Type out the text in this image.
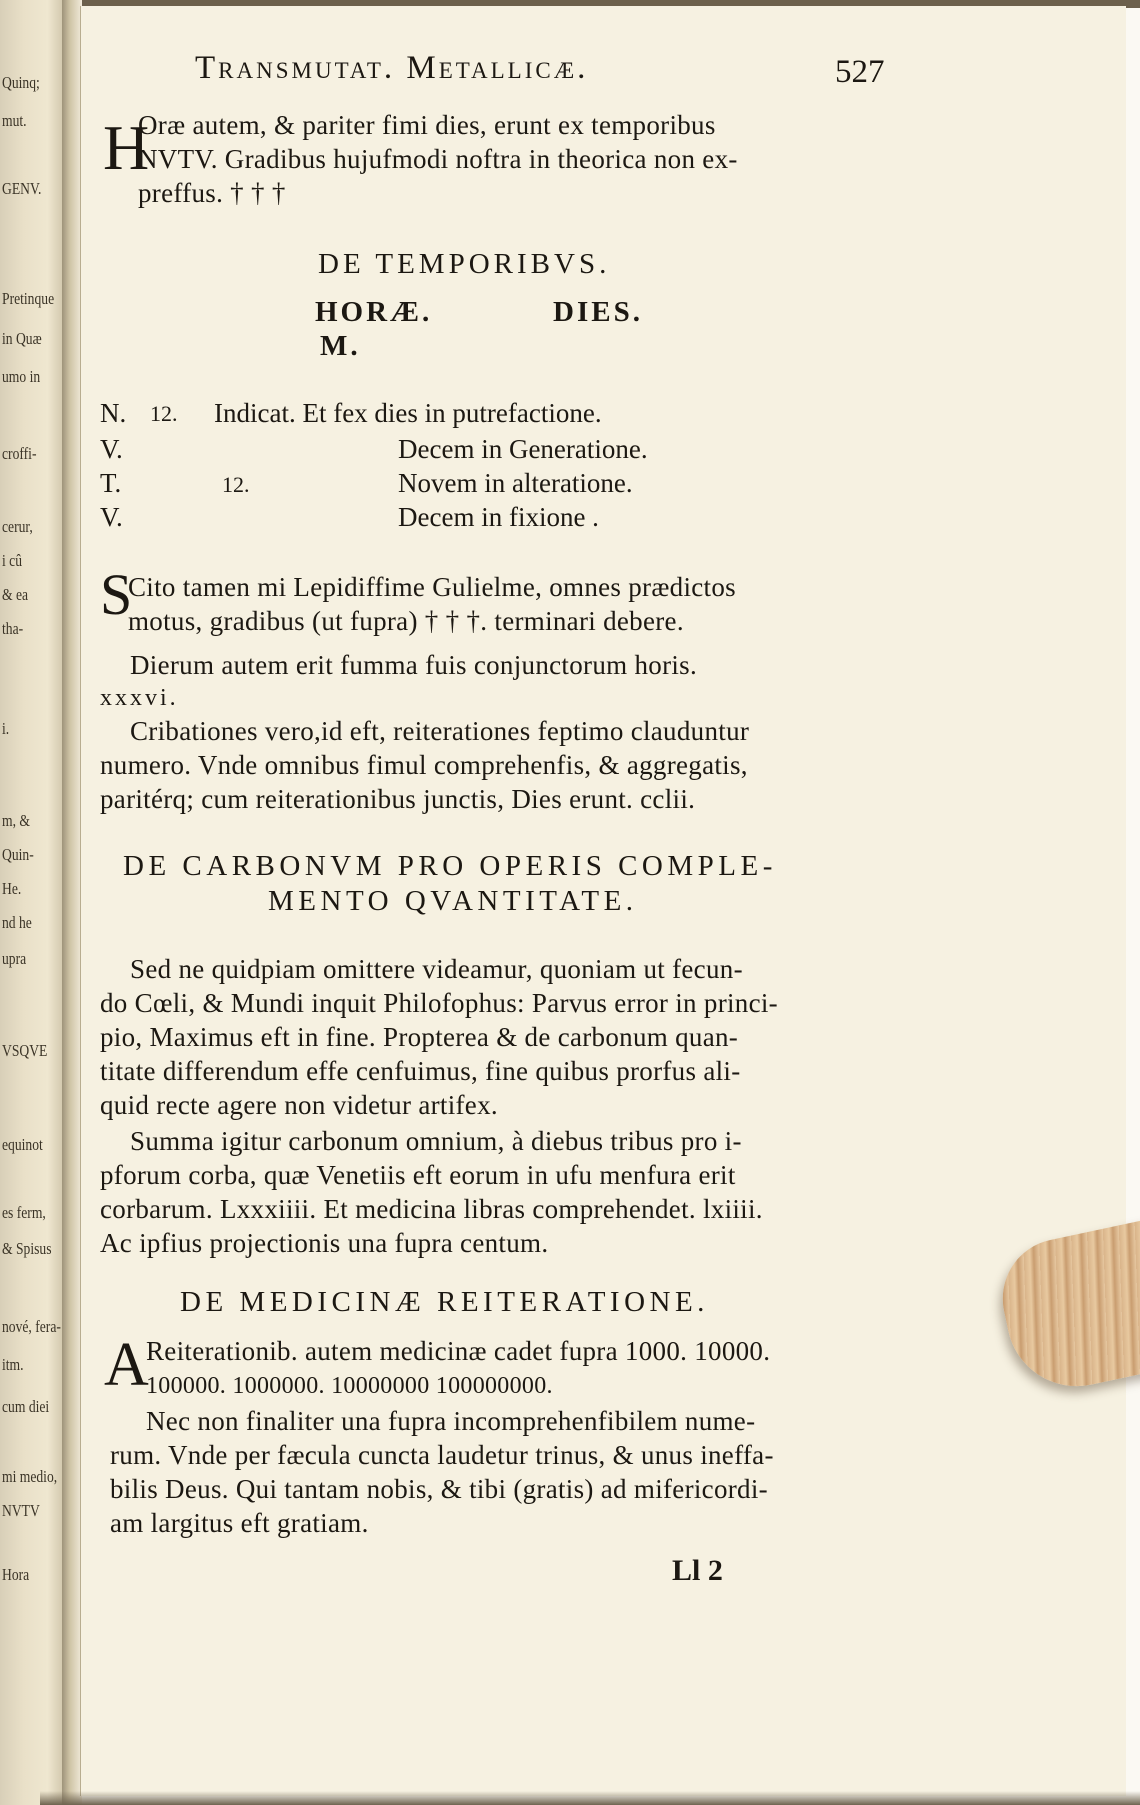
Quinq;
mut.
GENV.
Pretinque
in Quæ
umo in
croffi-
cerur,
i cû
& ea
tha-
i.
m, &
Quin-
He.
nd he
upra
VSQVE
equinot
es ferm,
& Spisus
nové, fera-
itm.
cum diei
mi medio,
NVTV
Hora
Transmutat. Metallicæ.	527
H
Oræ autem, & pariter fimi dies, erunt ex temporibus
NVTV. Gradibus hujufmodi noftra in theorica non ex-
preffus. † † †
DE TEMPORIBVS.
HORÆ.	DIES.
M.
N. 12. Indicat. Et fex dies in putrefactione.
V.	Decem in Generatione.
T.	12.	Novem in alteratione.
V.	Decem in fixione .
S
Cito tamen mi Lepidiffime Gulielme, omnes prædictos
motus, gradibus (ut fupra) † † †. terminari debere.
Dierum autem erit fumma fuis conjunctorum horis.
xxxvi.
Cribationes vero,id eft, reiterationes feptimo clauduntur
numero. Vnde omnibus fimul comprehenfis, & aggregatis,
paritérq; cum reiterationibus junctis, Dies erunt. cclii.
DE CARBONVM PRO OPERIS COMPLE-
MENTO QVANTITATE.
Sed ne quidpiam omittere videamur, quoniam ut fecun-
do Cœli, & Mundi inquit Philofophus: Parvus error in princi-
pio, Maximus eft in fine. Propterea & de carbonum quan-
titate differendum effe cenfuimus, fine quibus prorfus ali-
quid recte agere non videtur artifex.
Summa igitur carbonum omnium, à diebus tribus pro i-
pforum corba, quæ Venetiis eft eorum in ufu menfura erit
corbarum. Lxxxiiii. Et medicina libras comprehendet. lxiiii.
Ac ipfius projectionis una fupra centum.
DE MEDICINÆ REITERATIONE.
A
Reiterationib. autem medicinæ cadet fupra 1000. 10000.
100000. 1000000. 10000000 100000000.
Nec non finaliter una fupra incomprehenfibilem nume-
rum. Vnde per fæcula cuncta laudetur trinus, & unus ineffa-
bilis Deus. Qui tantam nobis, & tibi (gratis) ad mifericordi-
am largitus eft gratiam.
Ll 2
